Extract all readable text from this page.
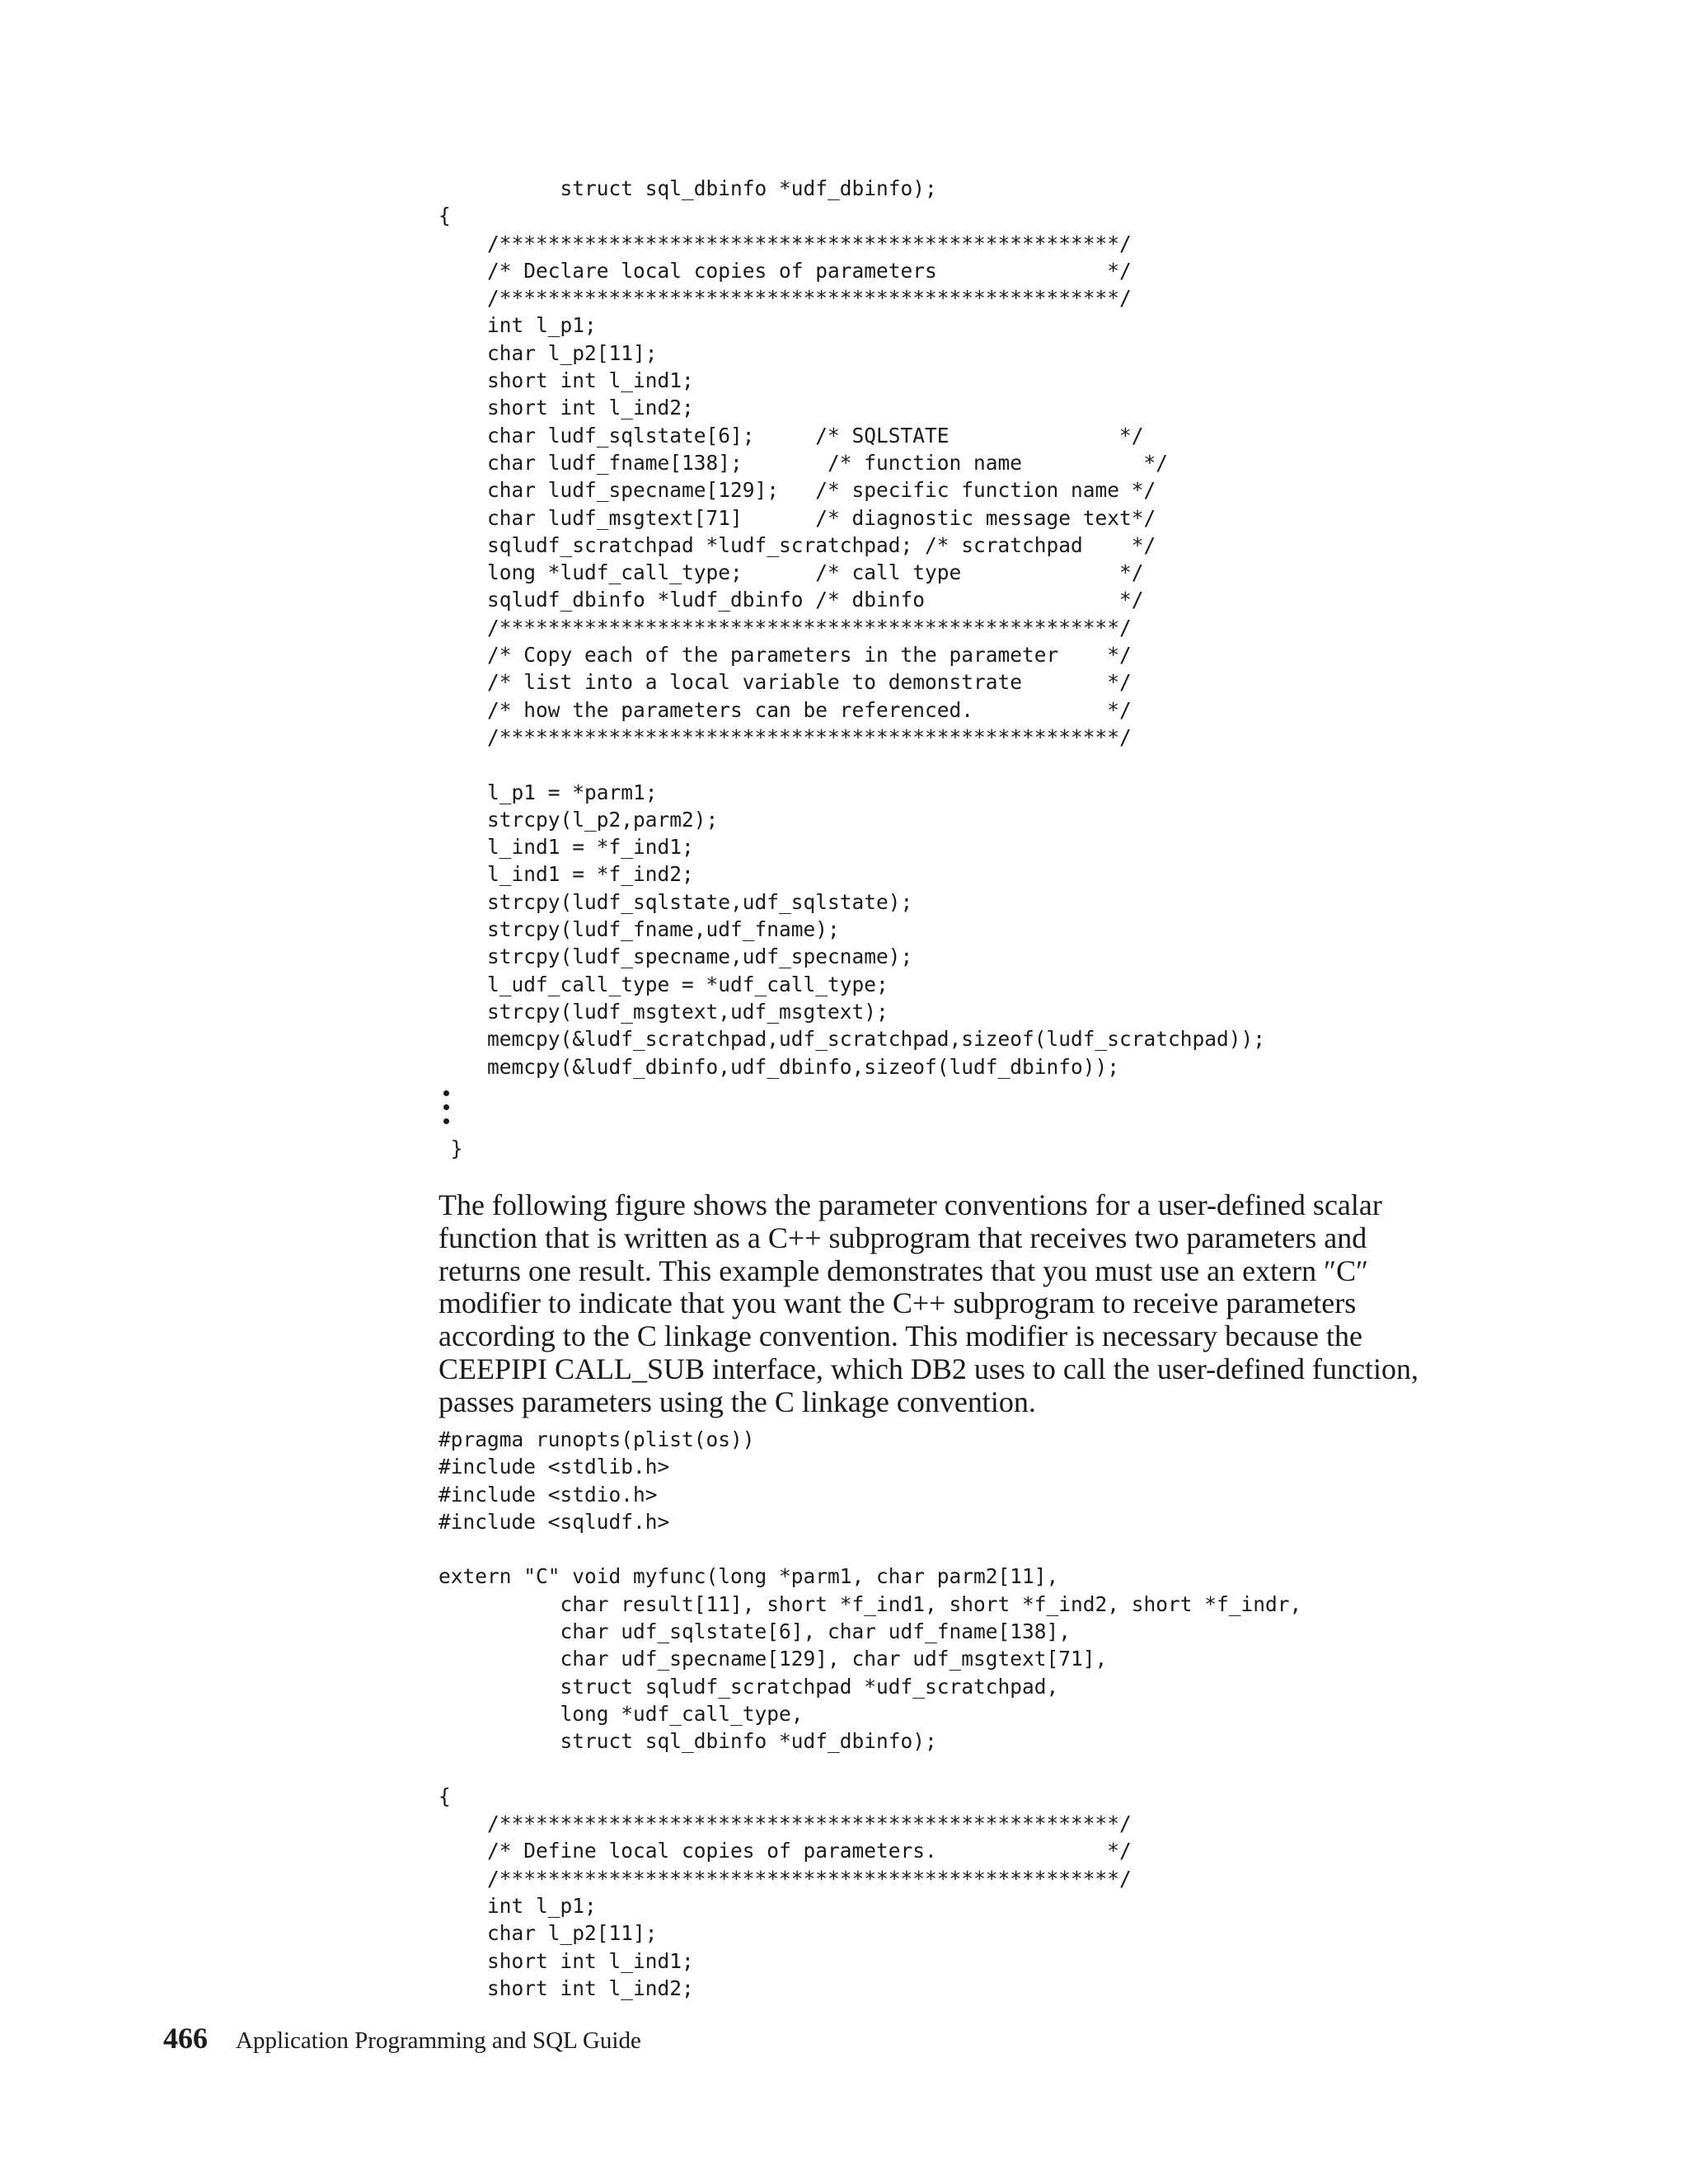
struct sql_dbinfo *udf_dbinfo);
{
/***************************************************/
/* Declare local copies of parameters              */
/***************************************************/
int l_p1;
char l_p2[11];
short int l_ind1;
short int l_ind2;
char ludf_sqlstate[6];     /* SQLSTATE              */
char ludf_fname[138];       /* function name          */
char ludf_specname[129];   /* specific function name */
char ludf_msgtext[71]      /* diagnostic message text*/
sqludf_scratchpad *ludf_scratchpad; /* scratchpad    */
long *ludf_call_type;      /* call type             */
sqludf_dbinfo *ludf_dbinfo /* dbinfo                */
/***************************************************/
/* Copy each of the parameters in the parameter    */
/* list into a local variable to demonstrate       */
/* how the parameters can be referenced.           */
/***************************************************/
l_p1 = *parm1;
strcpy(l_p2,parm2);
l_ind1 = *f_ind1;
l_ind1 = *f_ind2;
strcpy(ludf_sqlstate,udf_sqlstate);
strcpy(ludf_fname,udf_fname);
strcpy(ludf_specname,udf_specname);
l_udf_call_type = *udf_call_type;
strcpy(ludf_msgtext,udf_msgtext);
memcpy(&ludf_scratchpad,udf_scratchpad,sizeof(ludf_scratchpad));
memcpy(&ludf_dbinfo,udf_dbinfo,sizeof(ludf_dbinfo));
}

The following figure shows the parameter conventions for a user-defined scalar function that is written as a C++ subprogram that receives two parameters and returns one result. This example demonstrates that you must use an extern ″C″ modifier to indicate that you want the C++ subprogram to receive parameters according to the C linkage convention. This modifier is necessary because the CEEPIPI CALL_SUB interface, which DB2 uses to call the user-defined function, passes parameters using the C linkage convention.

#pragma runopts(plist(os))
#include <stdlib.h>
#include <stdio.h>
#include <sqludf.h>
extern "C" void myfunc(long *parm1, char parm2[11],
char result[11], short *f_ind1, short *f_ind2, short *f_indr,
char udf_sqlstate[6], char udf_fname[138],
char udf_specname[129], char udf_msgtext[71],
struct sqludf_scratchpad *udf_scratchpad,
long *udf_call_type,
struct sql_dbinfo *udf_dbinfo);
{
/***************************************************/
/* Define local copies of parameters.              */
/***************************************************/
int l_p1;
char l_p2[11];
short int l_ind1;
short int l_ind2;
466 Application Programming and SQL Guide
